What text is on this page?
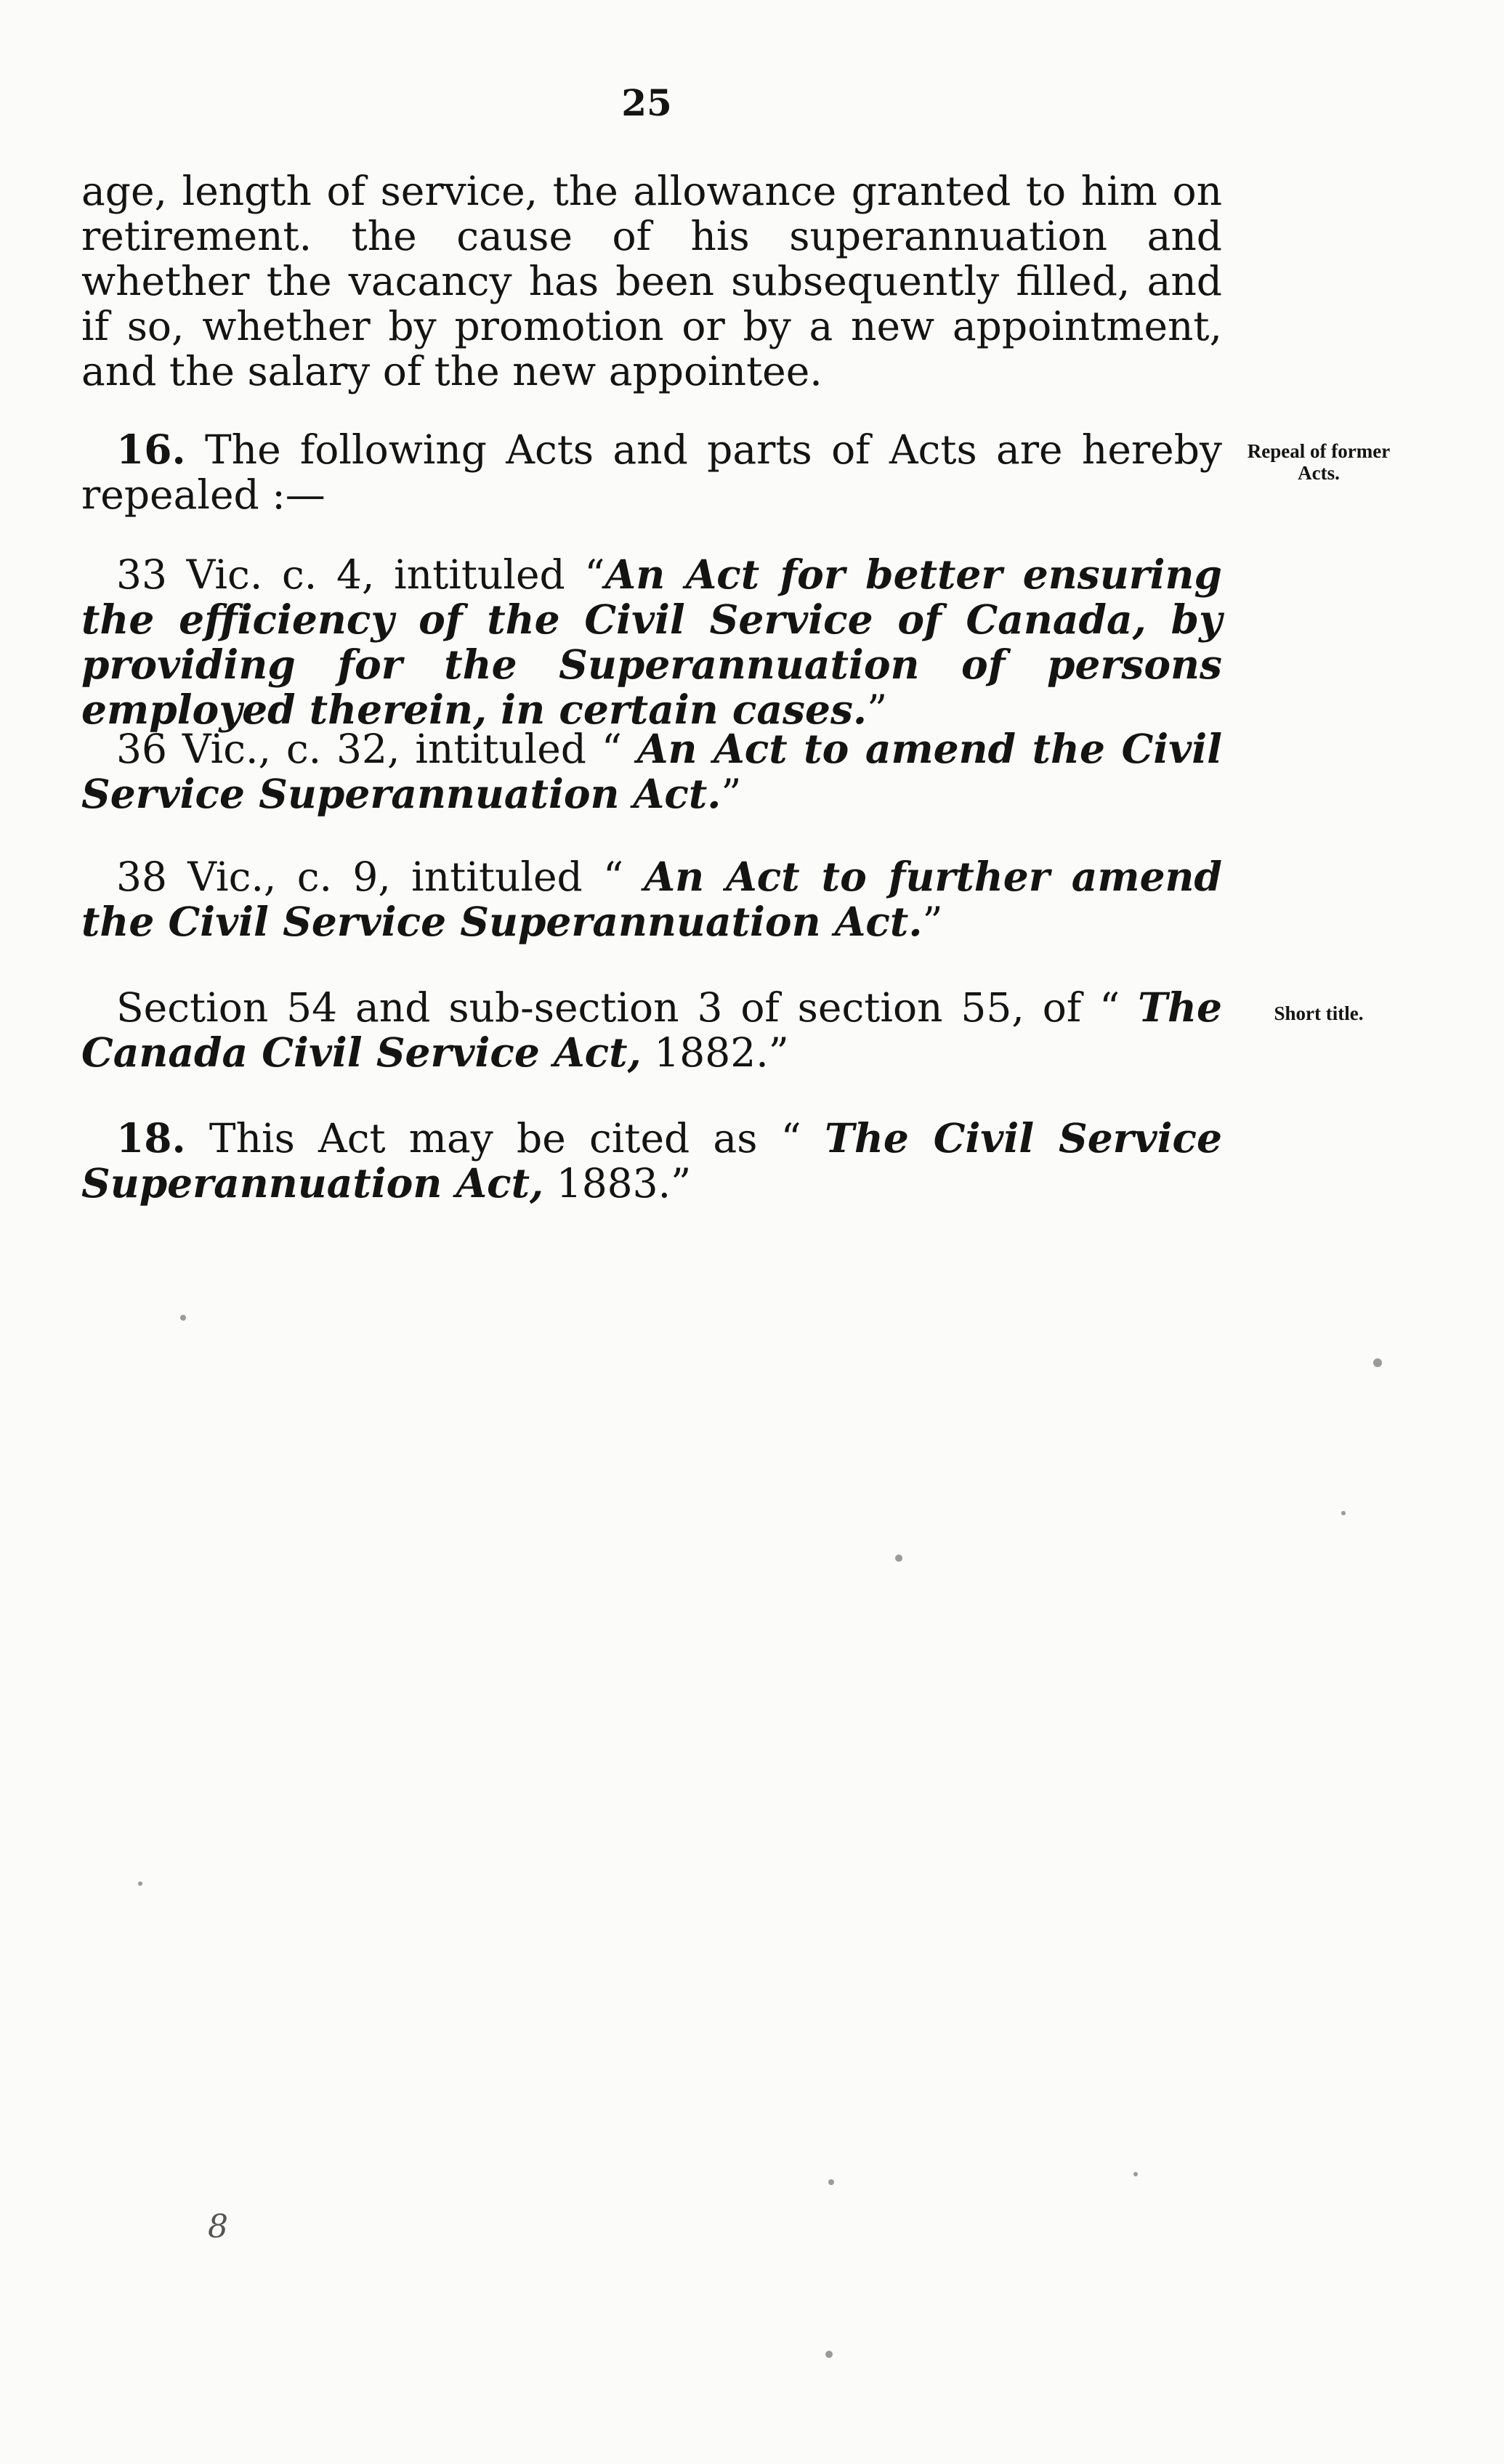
25

age, length of service, the allowance granted to him on retirement. the cause of his superannuation and whether the vacancy has been subsequently filled, and if so, whether by promotion or by a new appointment, and the salary of the new appointee.

16. The following Acts and parts of Acts are hereby repealed :—

Repeal of former Acts.

33 Vic. c. 4, intituled “An Act for better ensuring the efficiency of the Civil Service of Canada, by providing for the Superannuation of persons employed therein, in certain cases.”

36 Vic., c. 32, intituled “ An Act to amend the Civil Service Superannuation Act.”

38 Vic., c. 9, intituled “ An Act to further amend the Civil Service Superannuation Act.”

Section 54 and sub-section 3 of section 55, of “ The Canada Civil Service Act, 1882.”

Short title.

18. This Act may be cited as “ The Civil Service Superannuation Act, 1883.”

8
